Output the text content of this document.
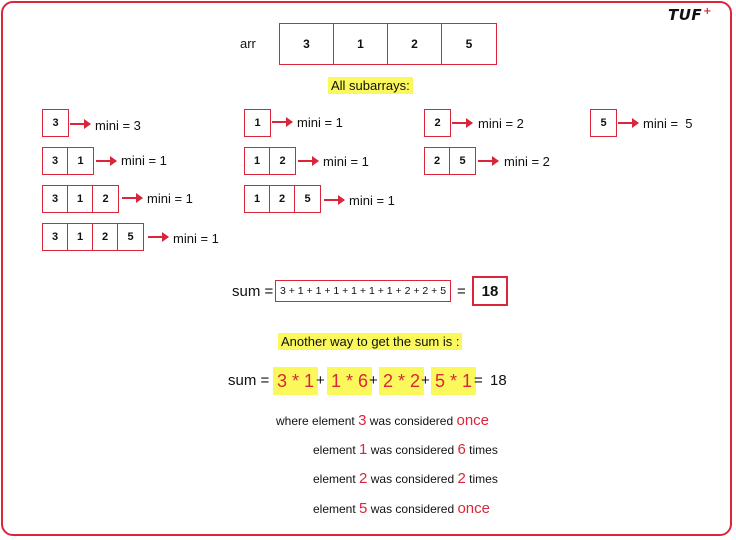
TUF+
arr	3	1	2	5
All subarrays:
3	mini = 3
3	1	mini = 1
3	1	2	mini = 1
3	1	2	5	mini = 1
1	mini = 1
1	2	mini = 1
1	2	5	mini = 1
2	mini = 2
2	5	mini = 2
5	mini =  5
sum = 3 + 1 + 1 + 1 + 1 + 1 + 1 + 2 + 2 + 5 =	18
Another way to get the sum is :
sum = 3 * 1 + 1 * 6 + 2 * 2 + 5 * 1 = 18
where element 3 was considered once
element 1 was considered 6 times
element 2 was considered 2 times
element 5 was considered once
